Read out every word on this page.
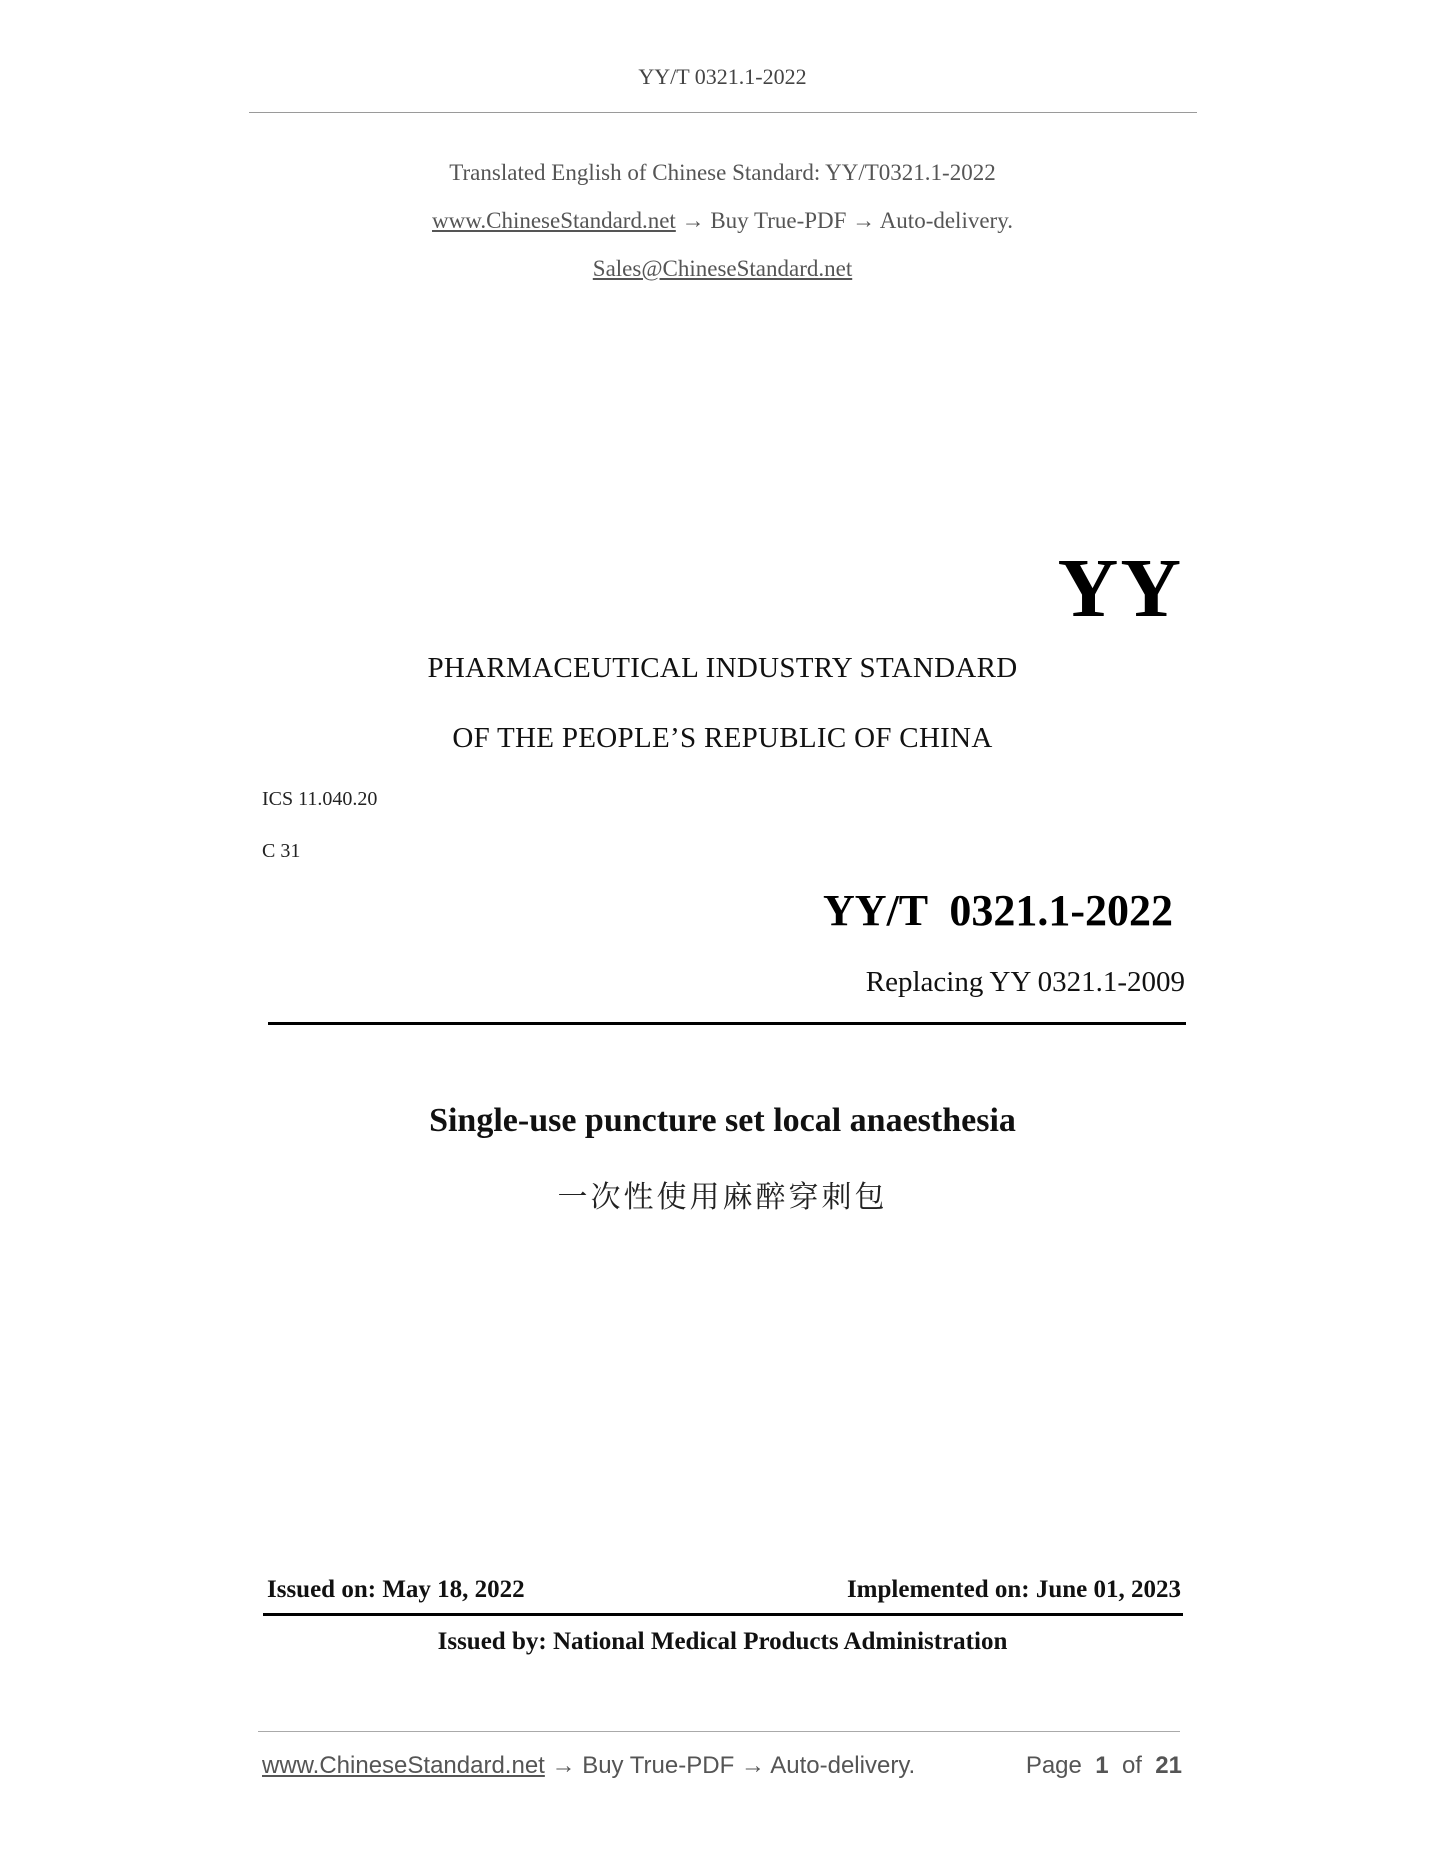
YY/T 0321.1-2022
Translated English of Chinese Standard: YY/T0321.1-2022
www.ChineseStandard.net → Buy True-PDF → Auto-delivery.
Sales@ChineseStandard.net
YY
PHARMACEUTICAL INDUSTRY STANDARD
OF THE PEOPLE’S REPUBLIC OF CHINA
ICS 11.040.20
C 31
YY/T  0321.1-2022
Replacing YY 0321.1-2009
Single-use puncture set local anaesthesia
一次性使用麻醉穿刺包
Issued on: May 18, 2022	Implemented on: June 01, 2023
Issued by: National Medical Products Administration
www.ChineseStandard.net → Buy True-PDF → Auto-delivery.	Page 1 of 21
